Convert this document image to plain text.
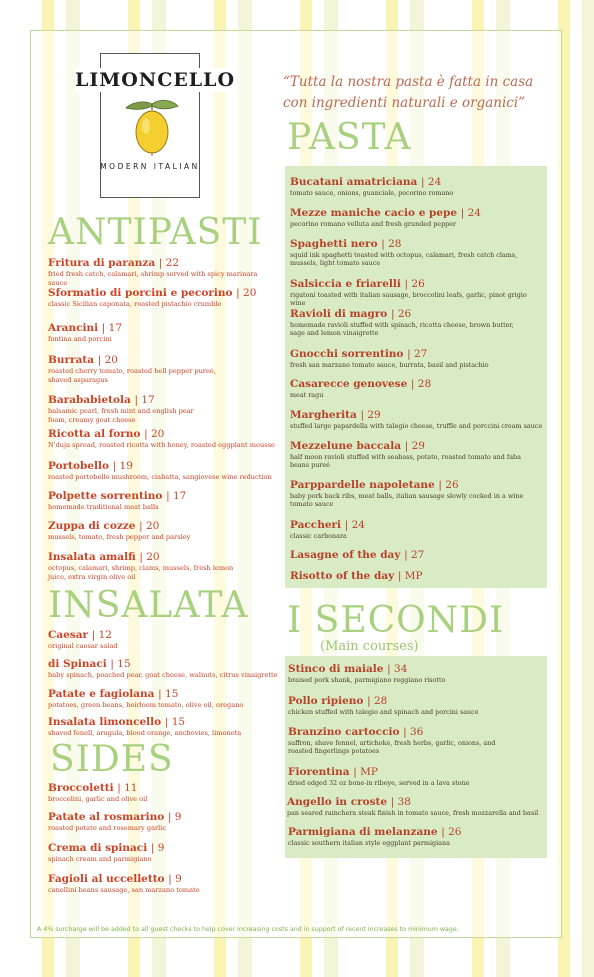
LIMONCELLO
MODERN ITALIAN
ANTIPASTI
Fritura di paranza | 22
fried fresh catch, calamari, shrimp served with spicy marinara sauce
Sformatio di porcini e pecorino | 20
classic Sicilian caponata, roasted pistachio crumble
Arancini | 17
fontina and porcini
Burrata | 20
roasted cherry tomato, roasted bell pepper pureé, shaved asparagus
Barababietola | 17
balsamic pearl, fresh mint and english pear foam, creamy goat cheese
Ricotta al forno | 20
N'duja spread, roasted ricotta with honey, roasted eggplant mousse
Portobello | 19
roasted portobello mushroom, ciabatta, sangiovese wine reduction
Polpette sorrentino | 17
homemade traditional meat balls
Zuppa di cozze | 20
mussels, tomato, fresh pepper and parsley
Insalata amalfi | 20
octopus, calamari, shrimp, clams, mussels, fresh lemon juice, extra virgin olive oil
INSALATA
Caesar | 12
original caesar salad
di Spinaci | 15
baby spinach, poached pear, goat cheese, walnuts, citrus vinaigrette
Patate e fagiolana | 15
potatoes, green beans, heirloom tomato, olive oil, oregano
Insalata limoncello | 15
shaved fenell, arugula, blood orange, anchovies, limoneta
SIDES
Broccoletti | 11
broccolini, garlic and olive oil
Patate al rosmarino | 9
roasted potato and rosemary garlic
Crema di spinaci | 9
spinach cream and parmigiano
Fagioli al uccelletto | 9
canellini beans sausage, san marzano tomato
“Tutta la nostra pasta è fatta in casa con ingredienti naturali e organici”
PASTA
Bucatani amatriciana | 24
tomato sauce, onions, guanciale, pecorino romano
Mezze maniche cacio e pepe | 24
pecorino romano velluta and fresh grunded pepper
Spaghetti nero | 28
squid ink spaghetti toasted with octopus, calamari, fresh catch clams, mussels, light tomato sauce
Salsiccia e friarelli | 26
rigatoni toasted with italian sausage, broccolini leafs, garlic, pinot grigio wine
Ravioli di magro | 26
homemade ravioli stuffed with spinach, ricotta cheese, brown butter, sage and lemon vinaigrette
Gnocchi sorrentino | 27
fresh san marzano tomato sauce, burrata, basil and pistachio
Casarecce genovese | 28
meat ragu
Margherita | 29
stuffed large papardella with talegio cheese, truffle and porccini cream sauce
Mezzelune baccala | 29
half moon ravioli stuffed with seabass, potato, roasted tomato and faba beans pureé
Parppardelle napoletane | 26
baby pork back ribs, meat balls, italian sausage slowly cocked in a wine tomato sauce
Paccheri | 24
classic carbonara
Lasagne of the day | 27
Risotto of the day | MP
I SECONDI
(Main courses)
Stinco di maiale | 34
braised pork shank, parmigiano reggiano risotto
Pollo ripieno | 28
chicken stuffed with talegio and spinach and porcini sauce
Branzino cartoccio | 36
saffron, shave fennel, artichoke, fresh herbs, garlic, onions, and roasted fingerlings potatoes
Fiorentina | MP
dried edged 32 oz bone-in ribeye, served in a lava stone
Angello in croste | 38
pan seared rainchera steak finish in tomato sauce, fresh mozzarella and basil
Parmigiana di melanzane | 26
classic southern italian style eggplant parmigiana
A 4% surcharge will be added to all guest checks to help cover increasing costs and in support of recent increases to minimum wage.
